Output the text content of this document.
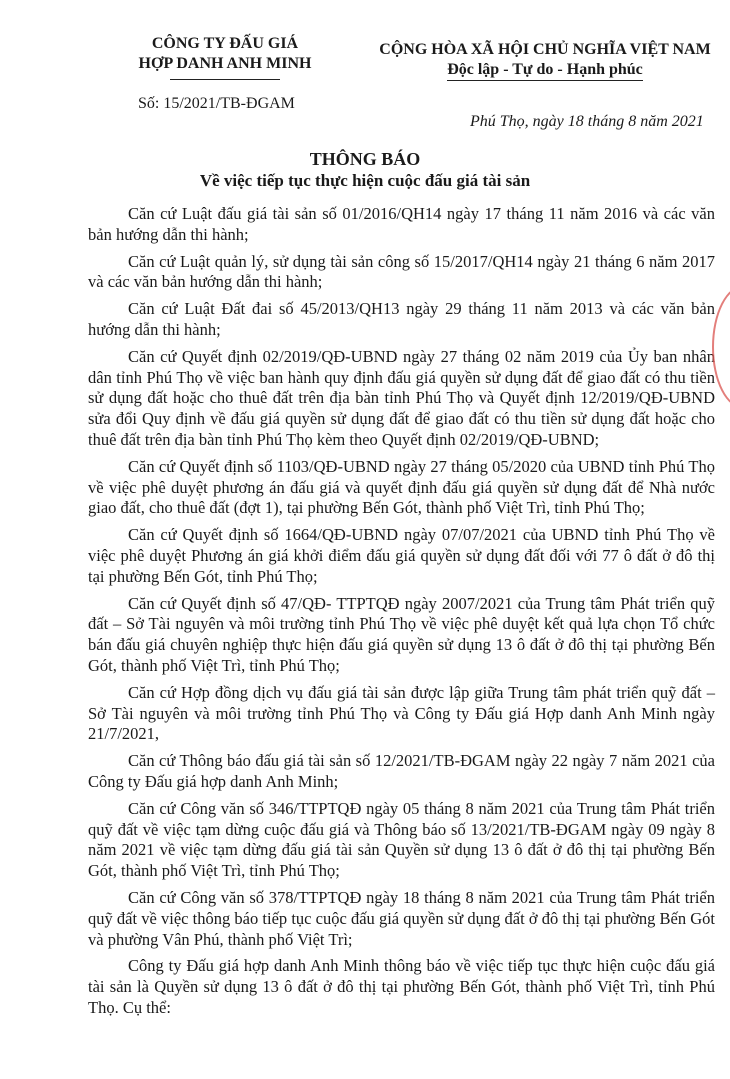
CÔNG TY ĐẤU GIÁ
HỢP DANH ANH MINH
CỘNG HÒA XÃ HỘI CHỦ NGHĨA VIỆT NAM
Độc lập - Tự do - Hạnh phúc
Số: 15/2021/TB-ĐGAM
Phú Thọ, ngày 18 tháng 8 năm 2021
THÔNG BÁO
Về việc tiếp tục thực hiện cuộc đấu giá tài sản

Căn cứ Luật đấu giá tài sản số 01/2016/QH14 ngày 17 tháng 11 năm 2016 và các văn bản hướng dẫn thi hành;

Căn cứ Luật quản lý, sử dụng tài sản công số 15/2017/QH14 ngày 21 tháng 6 năm 2017 và các văn bản hướng dẫn thi hành;

Căn cứ Luật Đất đai số 45/2013/QH13 ngày 29 tháng 11 năm 2013 và các văn bản hướng dẫn thi hành;

Căn cứ Quyết định 02/2019/QĐ-UBND ngày 27 tháng 02 năm 2019 của Ủy ban nhân dân tỉnh Phú Thọ về việc ban hành quy định đấu giá quyền sử dụng đất để giao đất có thu tiền sử dụng đất hoặc cho thuê đất trên địa bàn tỉnh Phú Thọ và Quyết định 12/2019/QĐ-UBND sửa đổi Quy định về đấu giá quyền sử dụng đất để giao đất có thu tiền sử dụng đất hoặc cho thuê đất trên địa bàn tỉnh Phú Thọ kèm theo Quyết định 02/2019/QĐ-UBND;

Căn cứ Quyết định số 1103/QĐ-UBND ngày 27 tháng 05/2020 của UBND tỉnh Phú Thọ về việc phê duyệt phương án đấu giá và quyết định đấu giá quyền sử dụng đất để Nhà nước giao đất, cho thuê đất (đợt 1), tại phường Bến Gót, thành phố Việt Trì, tỉnh Phú Thọ;

Căn cứ Quyết định số 1664/QĐ-UBND ngày 07/07/2021 của UBND tỉnh Phú Thọ về việc phê duyệt Phương án giá khởi điểm đấu giá quyền sử dụng đất đối với 77 ô đất ở đô thị tại phường Bến Gót, tỉnh Phú Thọ;

Căn cứ Quyết định số 47/QĐ- TTPTQĐ ngày 2007/2021 của Trung tâm Phát triển quỹ đất – Sở Tài nguyên và môi trường tỉnh Phú Thọ về việc phê duyệt kết quả lựa chọn Tổ chức bán đấu giá chuyên nghiệp thực hiện đấu giá quyền sử dụng 13 ô đất ở đô thị tại phường Bến Gót, thành phố Việt Trì, tỉnh Phú Thọ;

Căn cứ Hợp đồng dịch vụ đấu giá tài sản được lập giữa Trung tâm phát triển quỹ đất – Sở Tài nguyên và môi trường tỉnh Phú Thọ và Công ty Đấu giá Hợp danh Anh Minh ngày 21/7/2021,

Căn cứ Thông báo đấu giá tài sản số 12/2021/TB-ĐGAM ngày 22 ngày 7 năm 2021 của Công ty Đấu giá hợp danh Anh Minh;

Căn cứ Công văn số 346/TTPTQĐ ngày 05 tháng 8 năm 2021 của Trung tâm Phát triển quỹ đất về việc tạm dừng cuộc đấu giá và Thông báo số 13/2021/TB-ĐGAM ngày 09 ngày 8 năm 2021 về việc tạm dừng đấu giá tài sản Quyền sử dụng 13 ô đất ở đô thị tại phường Bến Gót, thành phố Việt Trì, tỉnh Phú Thọ;

Căn cứ Công văn số 378/TTPTQĐ ngày 18 tháng 8 năm 2021 của Trung tâm Phát triển quỹ đất về việc thông báo tiếp tục cuộc đấu giá quyền sử dụng đất ở đô thị tại phường Bến Gót và phường Vân Phú, thành phố Việt Trì;

Công ty Đấu giá hợp danh Anh Minh thông báo về việc tiếp tục thực hiện cuộc đấu giá tài sản là Quyền sử dụng 13 ô đất ở đô thị tại phường Bến Gót, thành phố Việt Trì, tỉnh Phú Thọ. Cụ thể:
